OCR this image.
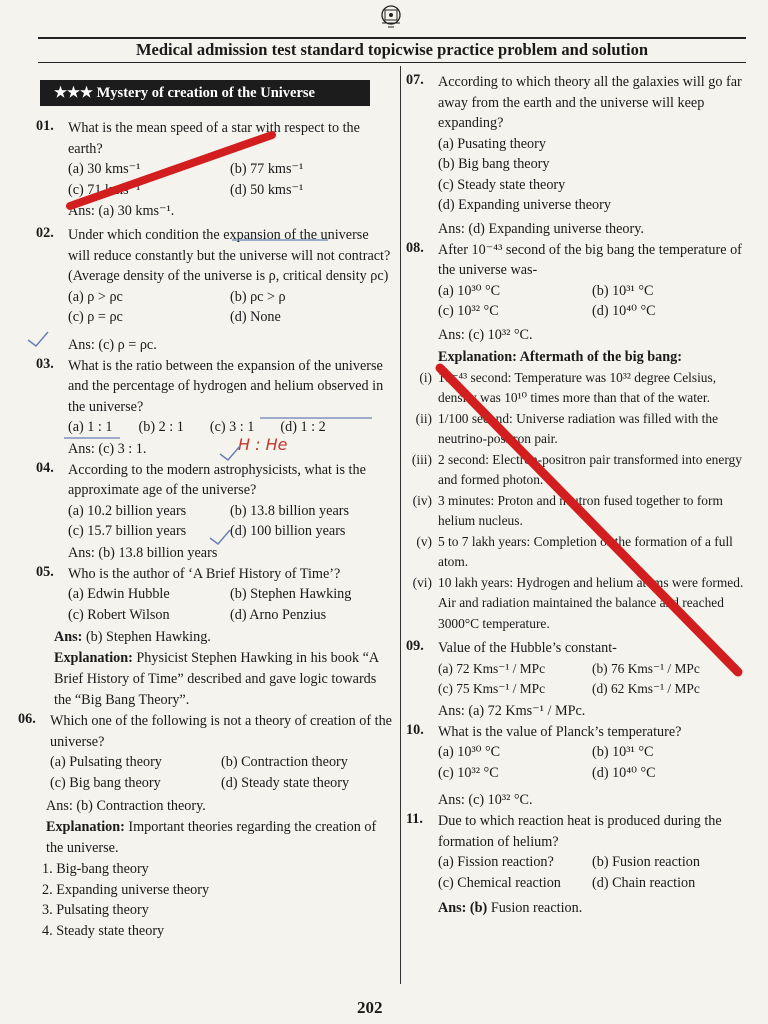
Medical admission test standard topicwise practice problem and solution
★★★ Mystery of creation of the Universe
01.	What is the mean speed of a star with respect to the earth?
(a) 30 kms⁻¹	(b) 77 kms⁻¹
(c) 71 kms⁻¹	(d) 50 kms⁻¹
Ans: (a) 30 kms⁻¹.
02.	Under which condition the expansion of the universe will reduce constantly but the universe will not contract? (Average density of the universe is ρ, critical density ρc)
(a) ρ > ρc	(b) ρc > ρ
(c) ρ = ρc	(d) None
Ans: (c) ρ = ρc.
03.	What is the ratio between the expansion of the universe and the percentage of hydrogen and helium observed in the universe?
(a) 1 : 1 (b) 2 : 1 (c) 3 : 1 (d) 1 : 2
Ans: (c) 3 : 1.	H : He
04.	According to the modern astrophysicists, what is the approximate age of the universe?
(a) 10.2 billion years	(b) 13.8 billion years
(c) 15.7 billion years	(d) 100 billion years
Ans: (b) 13.8 billion years
05.	Who is the author of ‘A Brief History of Time’?
(a) Edwin Hubble	(b) Stephen Hawking
(c) Robert Wilson	(d) Arno Penzius
Ans: (b) Stephen Hawking.
Explanation: Physicist Stephen Hawking in his book “A Brief History of Time” described and gave logic towards the “Big Bang Theory”.
06.	Which one of the following is not a theory of creation of the universe?
(a) Pulsating theory	(b) Contraction theory
(c) Big bang theory	(d) Steady state theory
Ans: (b) Contraction theory.
Explanation: Important theories regarding the creation of the universe.
1. Big-bang theory
2. Expanding universe theory
3. Pulsating theory
4. Steady state theory
07.	According to which theory all the galaxies will go far away from the earth and the universe will keep expanding?
(a) Pusating theory
(b) Big bang theory
(c) Steady state theory
(d) Expanding universe theory
Ans: (d) Expanding universe theory.
08.	After 10⁻⁴³ second of the big bang the temperature of the universe was-
(a) 10³⁰ °C	(b) 10³¹ °C
(c) 10³² °C	(d) 10⁴⁰ °C
Ans: (c) 10³² °C.
Explanation: Aftermath of the big bang:
(i) 10⁻⁴³ second: Temperature was 10³² degree Celsius, density was 10¹⁰ times more than that of the water.
(ii) 1/100 second: Universe radiation was filled with the neutrino-positron pair.
(iii) 2 second: Electron-positron pair transformed into energy and formed photon.
(iv) 3 minutes: Proton and neutron fused together to form helium nucleus.
(v) 5 to 7 lakh years: Completion of the formation of a full atom.
(vi) 10 lakh years: Hydrogen and helium atoms were formed. Air and radiation maintained the balance and reached 3000°C temperature.
09.	Value of the Hubble’s constant-
(a) 72 Kms⁻¹ / MPc	(b) 76 Kms⁻¹ / MPc
(c) 75 Kms⁻¹ / MPc	(d) 62 Kms⁻¹ / MPc
Ans: (a) 72 Kms⁻¹ / MPc.
10.	What is the value of Planck’s temperature?
(a) 10³⁰ °C	(b) 10³¹ °C
(c) 10³² °C	(d) 10⁴⁰ °C
Ans: (c) 10³² °C.
11.	Due to which reaction heat is produced during the formation of helium?
(a) Fission reaction?	(b) Fusion reaction
(c) Chemical reaction	(d) Chain reaction
Ans: (b) Fusion reaction.
202
